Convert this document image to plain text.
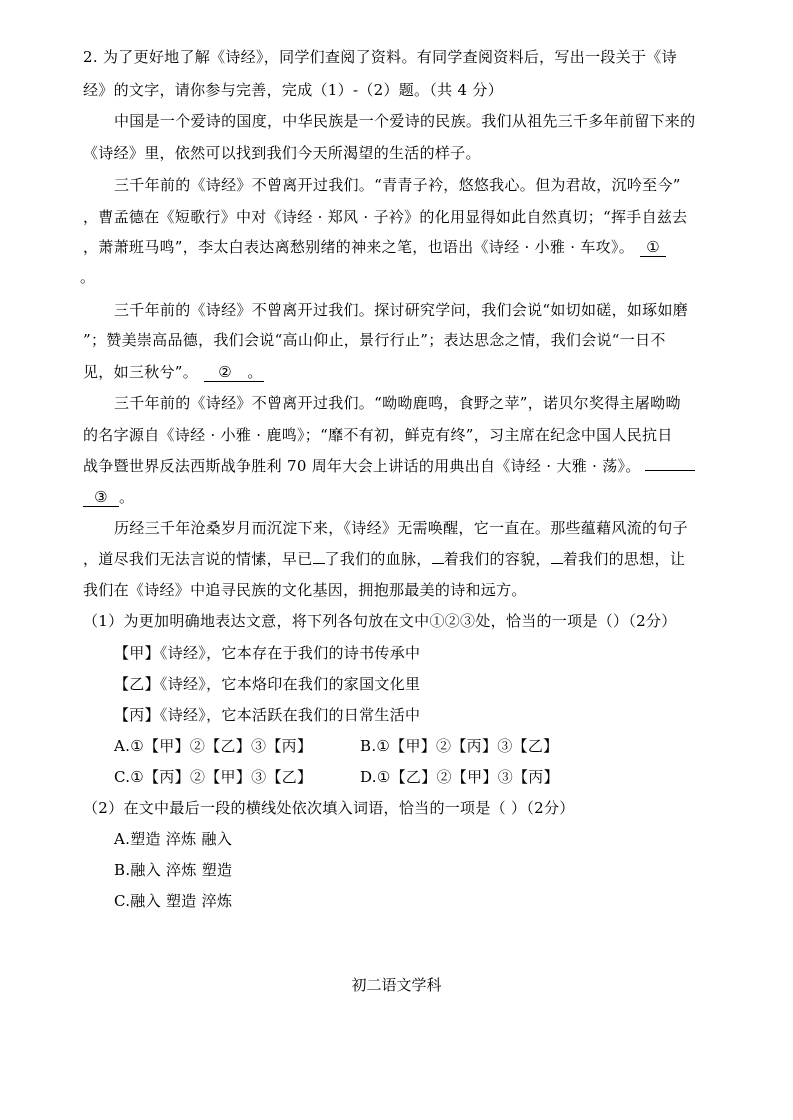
2. 为了更好地了解《诗经》，同学们查阅了资料。有同学查阅资料后，写出一段关于《诗
经》的文字，请你参与完善，完成（1）-（2）题。（共 4 分）
中国是一个爱诗的国度，中华民族是一个爱诗的民族。我们从祖先三千多年前留下来的
《诗经》里，依然可以找到我们今天所渴望的生活的样子。
三千年前的《诗经》不曾离开过我们。“青青子衿，悠悠我心。但为君故，沉吟至今”
，曹孟德在《短歌行》中对《诗经 · 郑风 · 子衿》的化用显得如此自然真切；“挥手自兹去
，萧萧班马鸣”，李太白表达离愁别绪的神来之笔，也语出《诗经 · 小雅 · 车攻》。 ①
。
三千年前的《诗经》不曾离开过我们。探讨研究学问，我们会说“如切如磋，如琢如磨
”；赞美崇高品德，我们会说“高山仰止，景行行止”；表达思念之情，我们会说“一日不
见，如三秋兮”。 ② 。
三千年前的《诗经》不曾离开过我们。“呦呦鹿鸣，食野之苹”，诺贝尔奖得主屠呦呦
的名字源自《诗经 · 小雅 · 鹿鸣》；“靡不有初，鲜克有终”，习主席在纪念中国人民抗日
战争暨世界反法西斯战争胜利 70 周年大会上讲话的用典出自《诗经 · 大雅 · 荡》。
③ 。
历经三千年沧桑岁月而沉淀下来，《诗经》无需唤醒，它一直在。那些蕴藉风流的句子
，道尽我们无法言说的情愫，早已 了我们的血脉， 着我们的容貌， 着我们的思想，让
我们在《诗经》中追寻民族的文化基因，拥抱那最美的诗和远方。
（1）为更加明确地表达文意，将下列各句放在文中①②③处，恰当的一项是（）（2分）
【甲】《诗经》，它本存在于我们的诗书传承中
【乙】《诗经》，它本烙印在我们的家国文化里
【丙】《诗经》，它本活跃在我们的日常生活中
A.①【甲】②【乙】③【丙】	B.①【甲】②【丙】③【乙】
C.①【丙】②【甲】③【乙】	D.①【乙】②【甲】③【丙】
（2）在文中最后一段的横线处依次填入词语，恰当的一项是（ ）（2分）
A.塑造 淬炼 融入
B.融入 淬炼 塑造
C.融入 塑造 淬炼
初二语文学科
